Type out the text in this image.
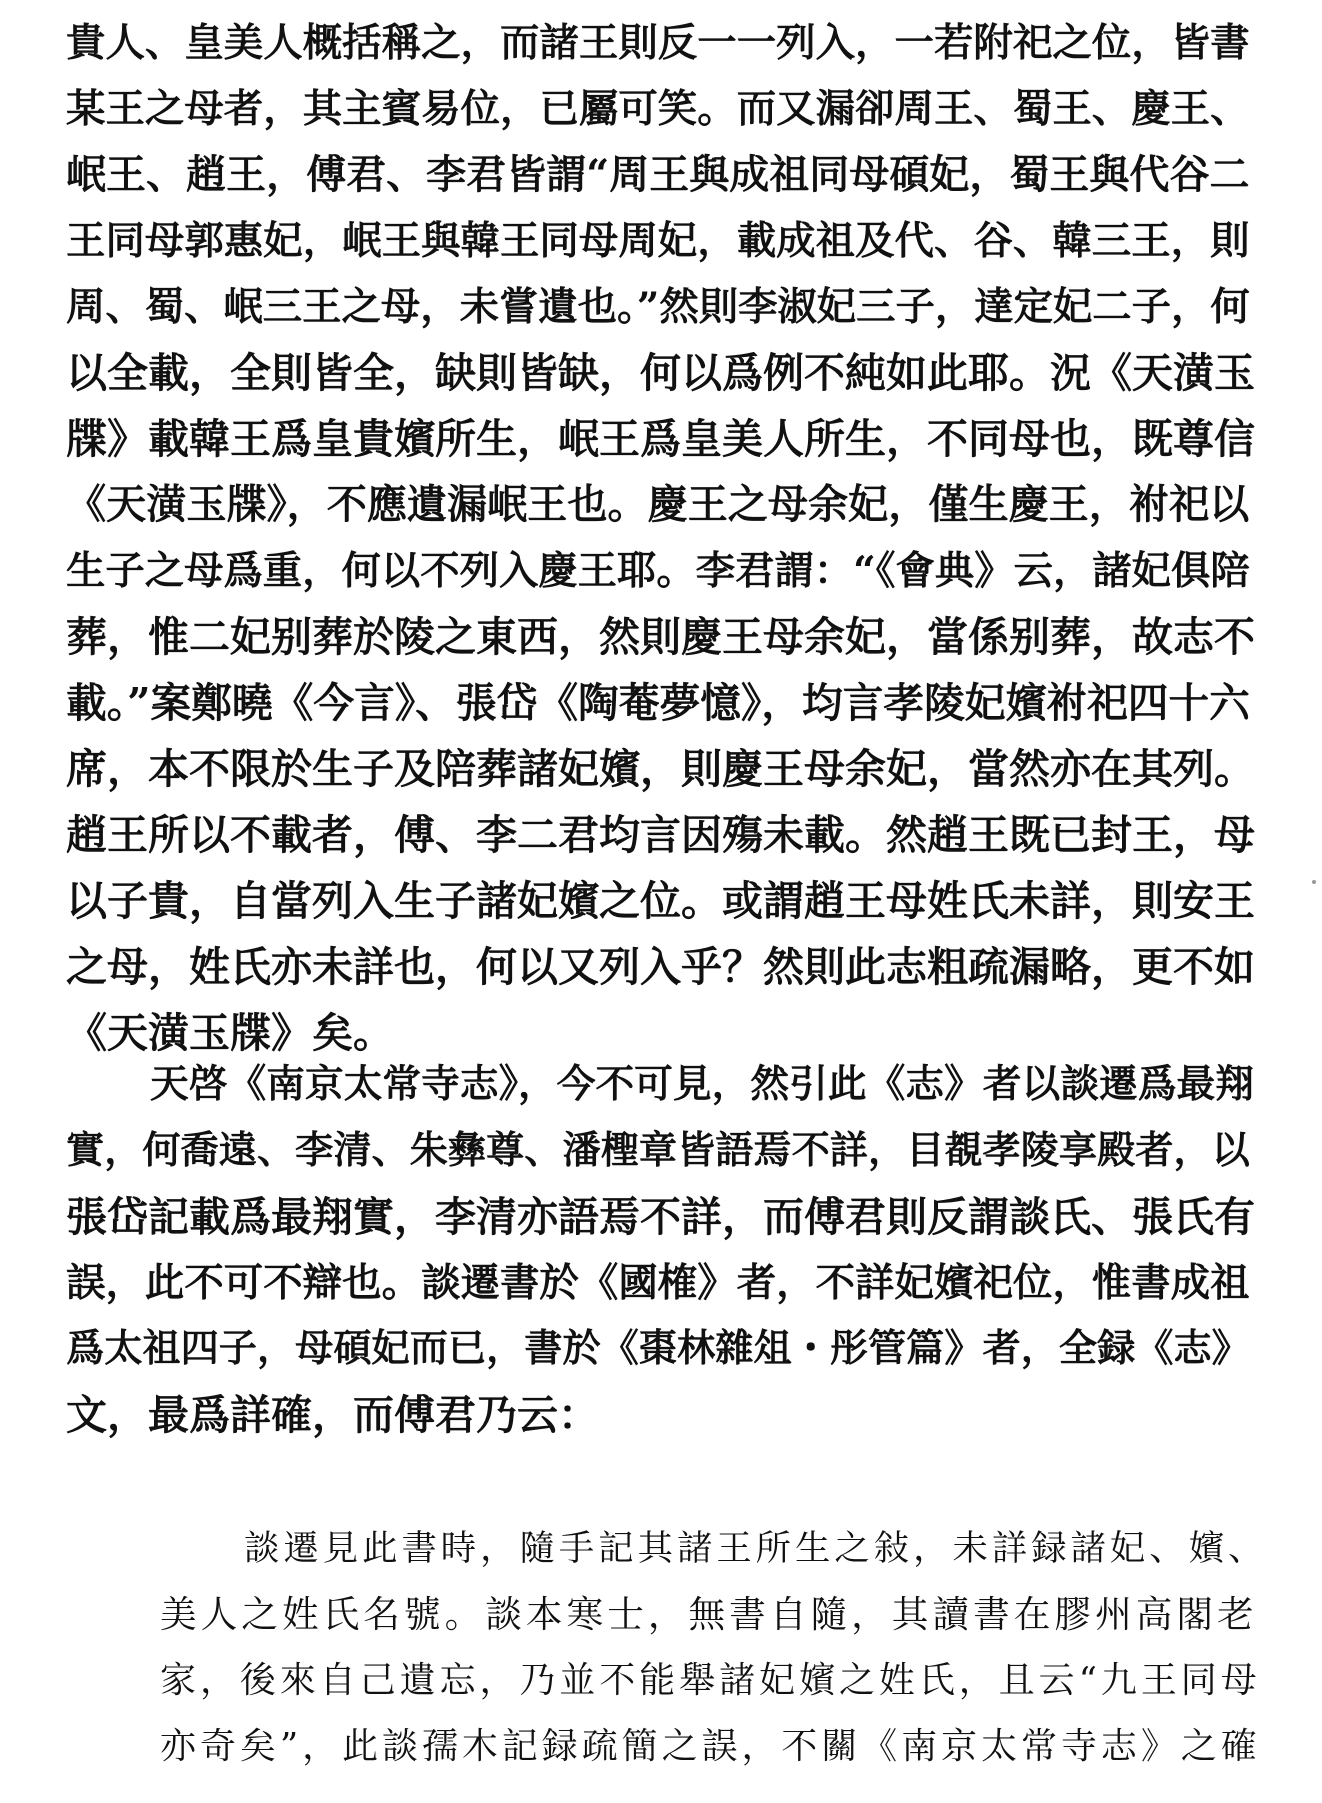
貴人、皇美人概括稱之，而諸王則反一一列入，一若附祀之位，皆書
某王之母者，其主賓易位，已屬可笑。而又漏卻周王、蜀王、慶王、
岷王、趙王，傅君、李君皆謂“周王與成祖同母碩妃，蜀王與代谷二
王同母郭惠妃，岷王與韓王同母周妃，載成祖及代、谷、韓三王，則
周、蜀、岷三王之母，未嘗遺也。”然則李淑妃三子，達定妃二子，何
以全載，全則皆全，缺則皆缺，何以爲例不純如此耶。況《天潢玉
牒》載韓王爲皇貴嬪所生，岷王爲皇美人所生，不同母也，既尊信
《天潢玉牒》，不應遺漏岷王也。慶王之母余妃，僅生慶王，祔祀以
生子之母爲重，何以不列入慶王耶。李君謂：“《會典》云，諸妃俱陪
葬，惟二妃别葬於陵之東西，然則慶王母余妃，當係别葬，故志不
載。”案鄭曉《今言》、張岱《陶菴夢憶》，均言孝陵妃嬪祔祀四十六
席，本不限於生子及陪葬諸妃嬪，則慶王母余妃，當然亦在其列。
趙王所以不載者，傅、李二君均言因殤未載。然趙王既已封王，母
以子貴，自當列入生子諸妃嬪之位。或謂趙王母姓氏未詳，則安王
之母，姓氏亦未詳也，何以又列入乎？然則此志粗疏漏略，更不如
《天潢玉牒》矣。
天啓《南京太常寺志》，今不可見，然引此《志》者以談遷爲最翔
實，何喬遠、李清、朱彝尊、潘檉章皆語焉不詳，目覩孝陵享殿者，以
張岱記載爲最翔實，李清亦語焉不詳，而傅君則反謂談氏、張氏有
誤，此不可不辯也。談遷書於《國榷》者，不詳妃嬪祀位，惟書成祖
爲太祖四子，母碩妃而已，書於《棗林雜俎・彤管篇》者，全録《志》
文，最爲詳確，而傅君乃云：
談遷見此書時，隨手記其諸王所生之敍，未詳録諸妃、嬪、
美人之姓氏名號。談本寒士，無書自隨，其讀書在膠州高閣老
家，後來自己遺忘，乃並不能舉諸妃嬪之姓氏，且云“九王同母
亦奇矣”，此談孺木記録疏簡之誤，不關《南京太常寺志》之確
